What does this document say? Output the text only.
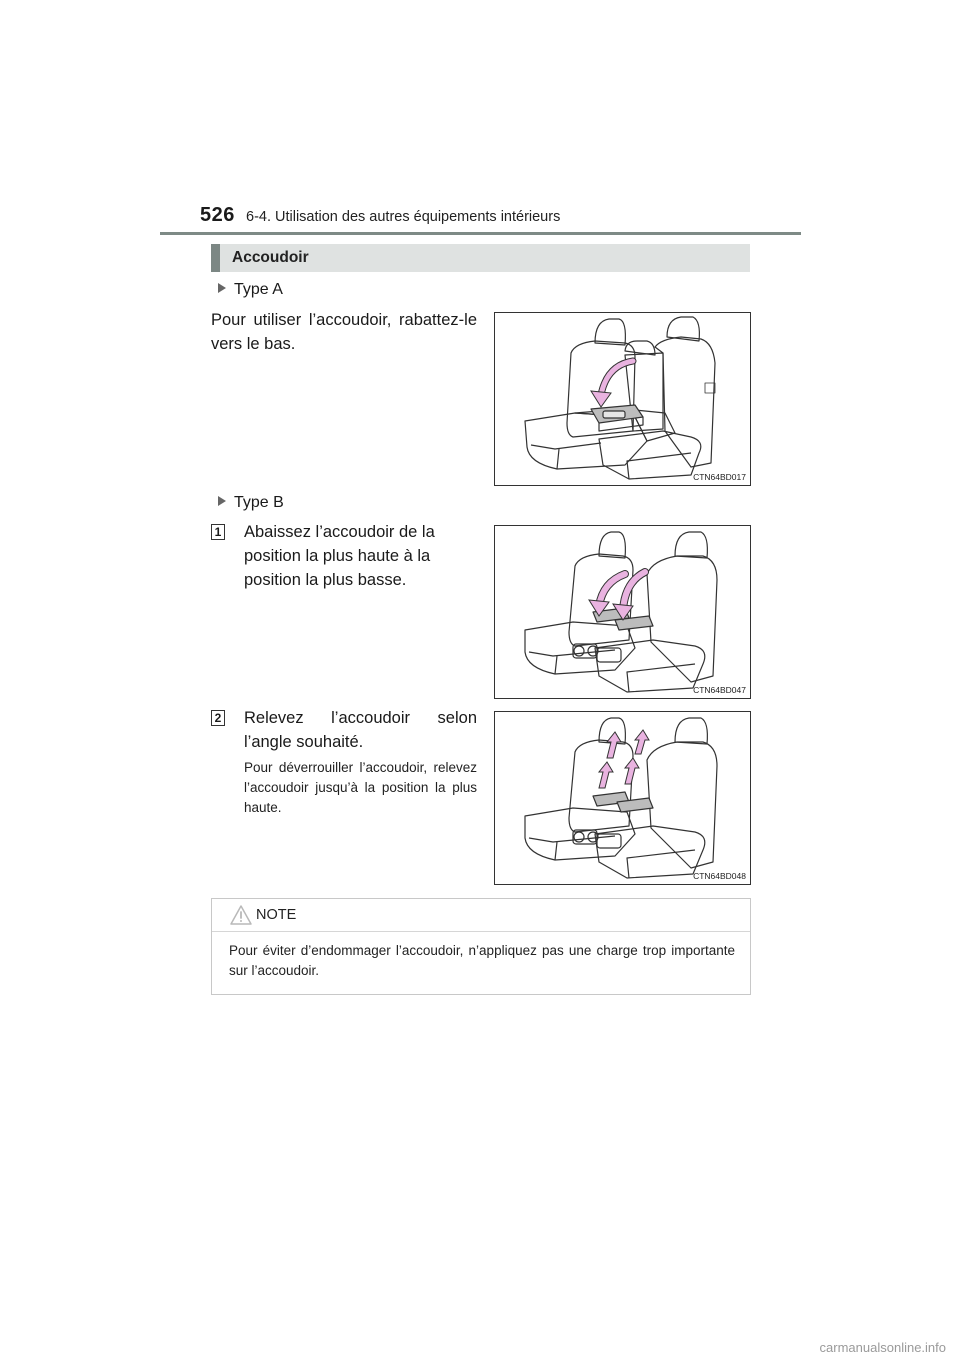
526 6-4. Utilisation des autres équipements intérieurs
Accoudoir
Type A
Pour utiliser l’accoudoir, rabattez-le vers le bas.
CTN64BD017
Type B
1 Abaissez l’accoudoir de la position la plus haute à la position la plus basse.
CTN64BD047
2 Relevez l’accoudoir selon l’angle souhaité.
Pour déverrouiller l’accoudoir, relevez l’accoudoir jusqu’à la position la plus haute.
CTN64BD048
NOTE
Pour éviter d’endommager l’accoudoir, n’appliquez pas une charge trop importante sur l’accoudoir.
carmanualsonline.info
